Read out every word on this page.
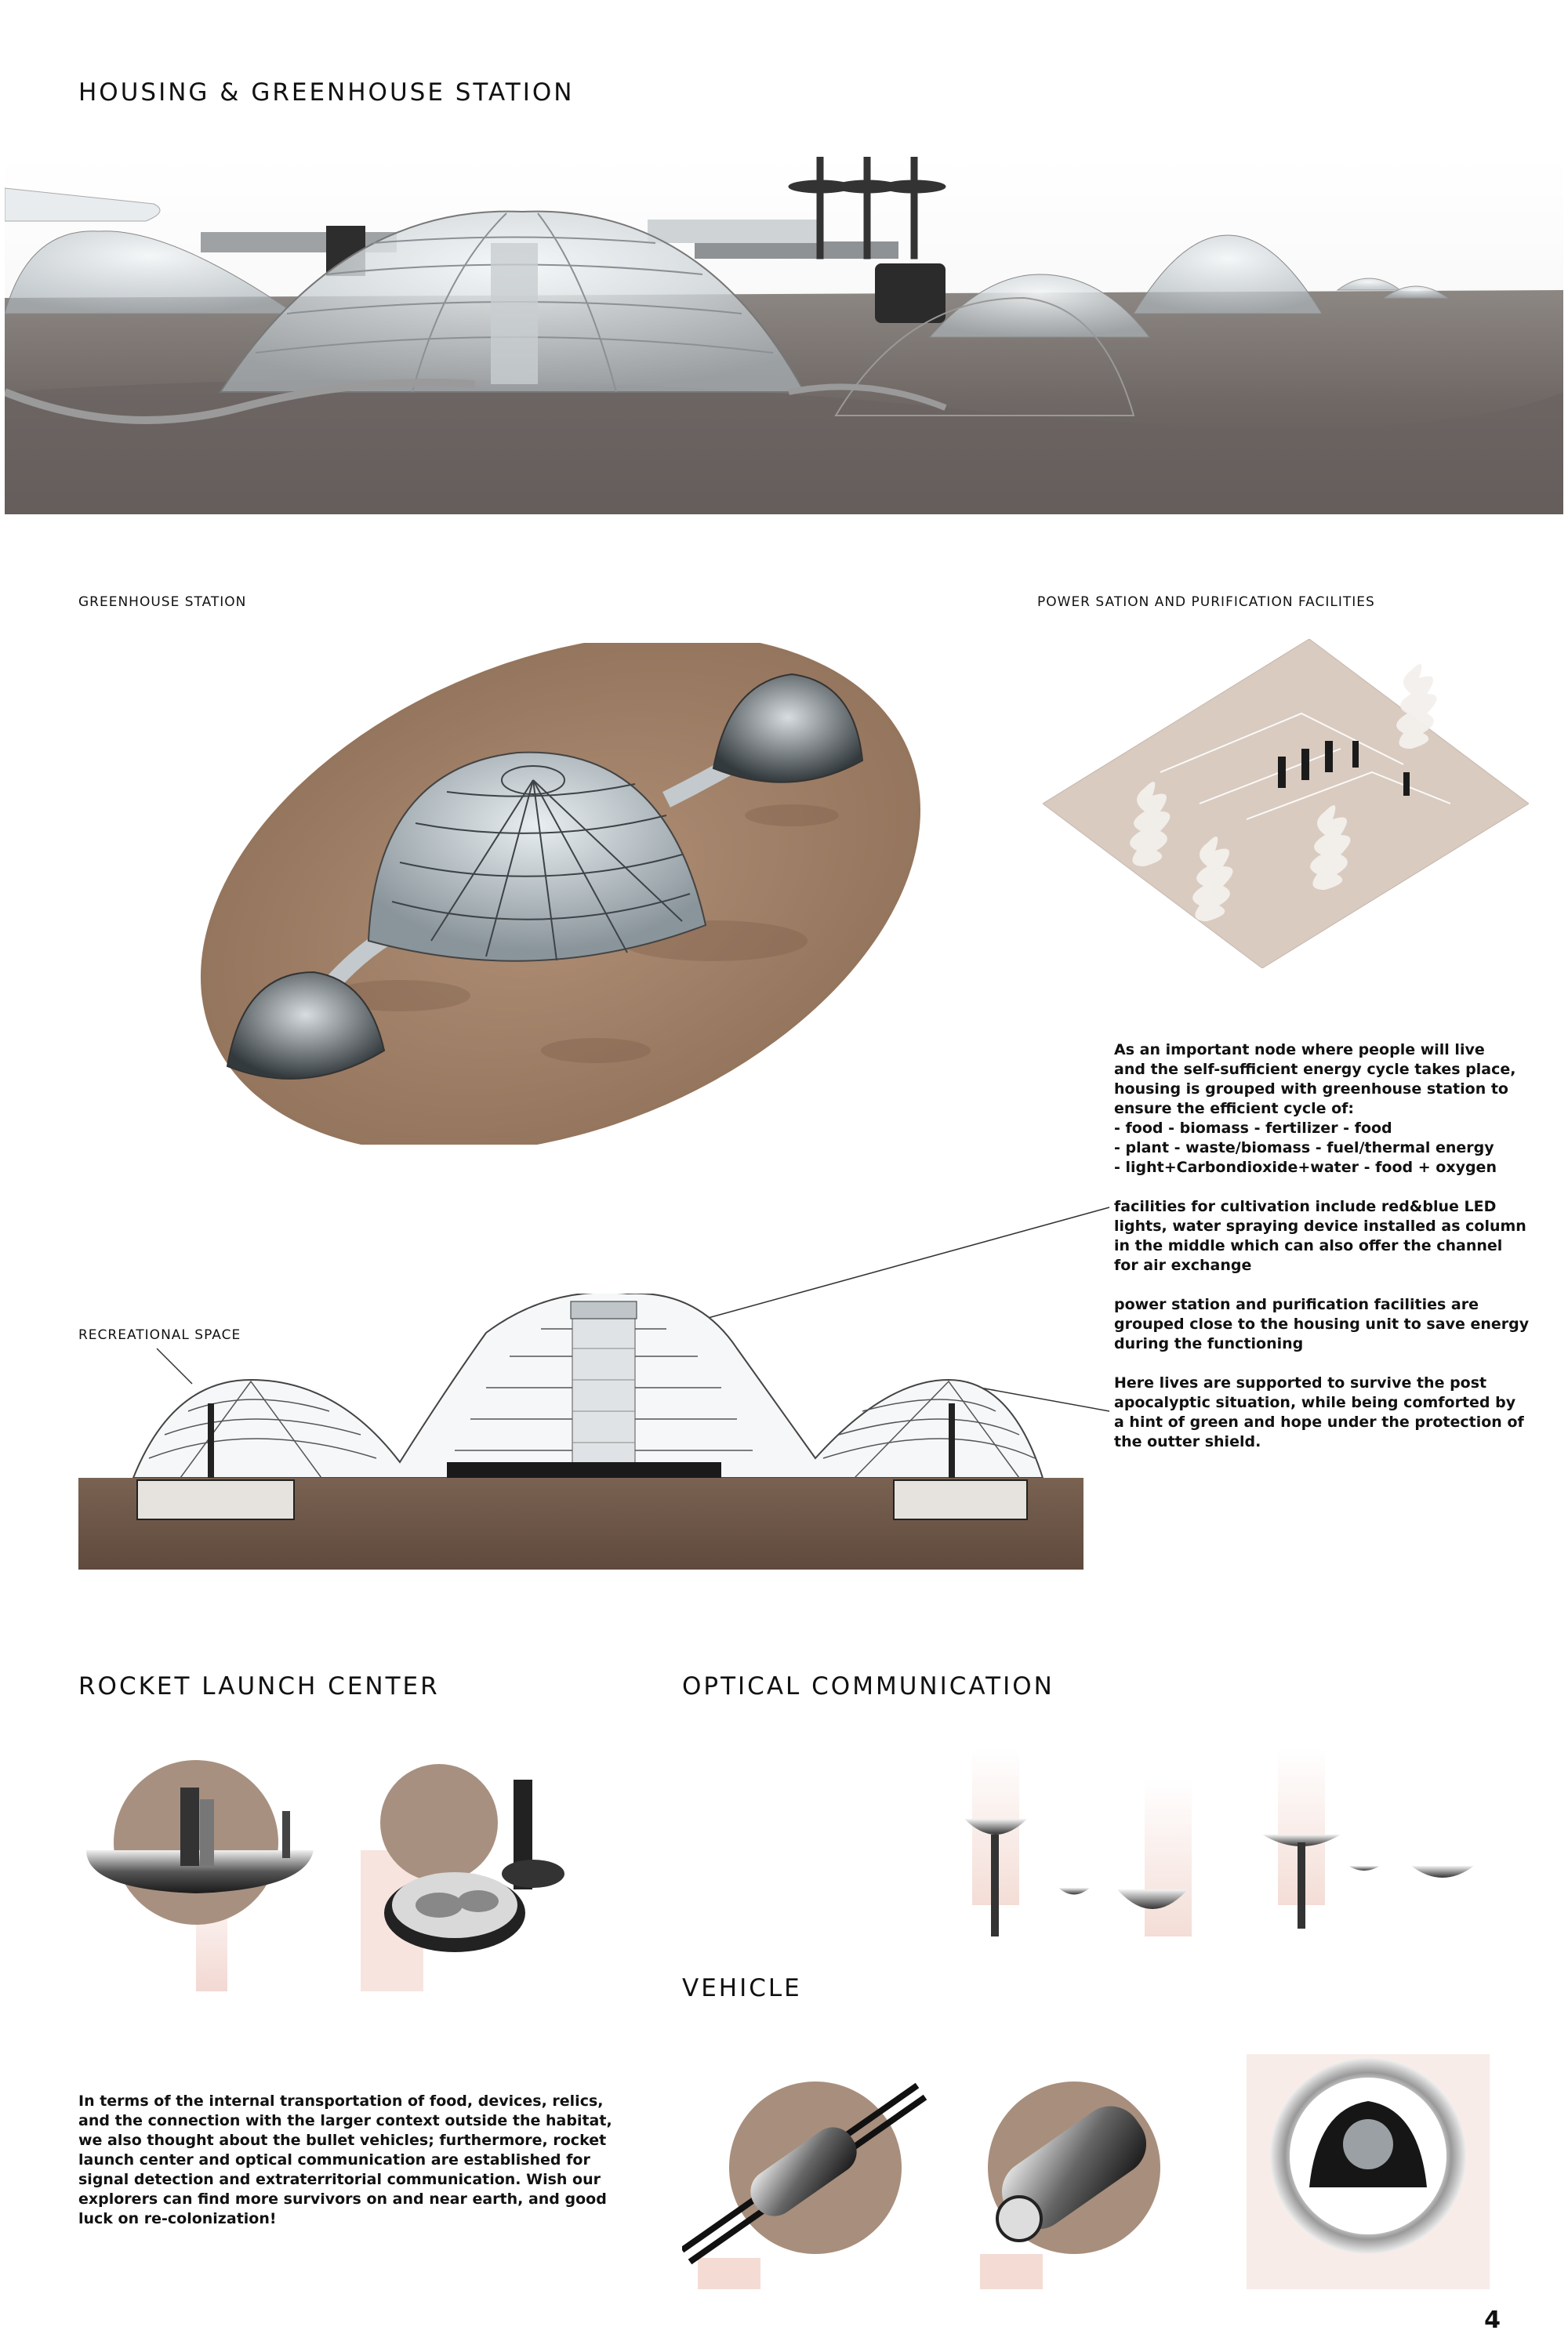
HOUSING & GREENHOUSE STATION
GREENHOUSE STATION	POWER SATION AND PURIFICATION FACILITIES

As an important node where people will live
and the self-sufficient energy cycle takes place,
housing is grouped with greenhouse station to
ensure the efficient cycle of:
- food - biomass - fertilizer - food
- plant - waste/biomass - fuel/thermal energy
- light+Carbondioxide+water - food + oxygen

facilities for cultivation include red&blue LED
lights, water spraying device installed as column
in the middle which can also offer the channel
for air exchange

power station and purification facilities are
grouped close to the housing unit to save energy
during the functioning

Here lives are supported to survive the post
apocalyptic situation, while being comforted by
a hint of green and hope under the protection of
the outter shield.

RECREATIONAL SPACE
ROCKET LAUNCH CENTER	OPTICAL COMMUNICATION
VEHICLE

In terms of the internal transportation of food, devices, relics,
and the connection with the larger context outside the habitat,
we also thought about the bullet vehicles; furthermore, rocket
launch center and optical communication are established for
signal detection and extraterritorial communication. Wish our
explorers can find more survivors on and near earth, and good
luck on re-colonization!

4
